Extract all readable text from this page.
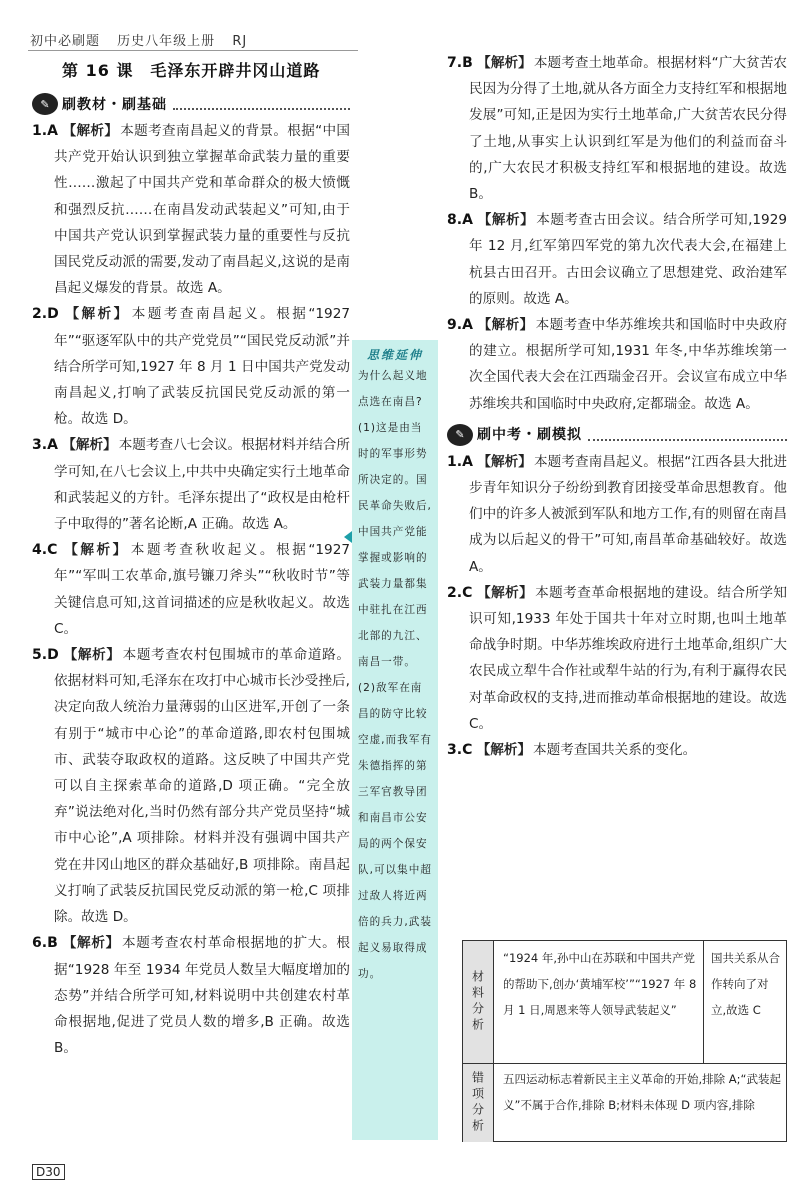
初中必刷题 历史八年级上册 RJ
第 16 课　毛泽东开辟井冈山道路
✎ 刷教材・刷基础

1.A 【解析】 本题考查南昌起义的背景。根据“中国共产党开始认识到独立掌握革命武装力量的重要性……激起了中国共产党和革命群众的极大愤慨和强烈反抗……在南昌发动武装起义”可知,由于中国共产党认识到掌握武装力量的重要性与反抗国民党反动派的需要,发动了南昌起义,这说的是南昌起义爆发的背景。故选 A。

2.D 【解析】 本题考查南昌起义。根据“1927年”“驱逐军队中的共产党党员”“国民党反动派”并结合所学可知,1927 年 8 月 1 日中国共产党发动南昌起义,打响了武装反抗国民党反动派的第一枪。故选 D。

3.A 【解析】 本题考查八七会议。根据材料并结合所学可知,在八七会议上,中共中央确定实行土地革命和武装起义的方针。毛泽东提出了“政权是由枪杆子中取得的”著名论断,A 正确。故选 A。

4.C 【解析】 本题考查秋收起义。根据“1927年”“军叫工农革命,旗号镰刀斧头”“秋收时节”等关键信息可知,这首词描述的应是秋收起义。故选 C。

5.D 【解析】 本题考查农村包围城市的革命道路。依据材料可知,毛泽东在攻打中心城市长沙受挫后,决定向敌人统治力量薄弱的山区进军,开创了一条有别于“城市中心论”的革命道路,即农村包围城市、武装夺取政权的道路。这反映了中国共产党可以自主探索革命的道路,D 项正确。“完全放弃”说法绝对化,当时仍然有部分共产党员坚持“城市中心论”,A 项排除。材料并没有强调中国共产党在井冈山地区的群众基础好,B 项排除。南昌起义打响了武装反抗国民党反动派的第一枪,C 项排除。故选 D。

6.B 【解析】 本题考查农村革命根据地的扩大。根据“1928 年至 1934 年党员人数呈大幅度增加的态势”并结合所学可知,材料说明中共创建农村革命根据地,促进了党员人数的增多,B 正确。故选 B。

思维延伸
为什么起义地点选在南昌?(1)这是由当时的军事形势所决定的。国民革命失败后,中国共产党能掌握或影响的武装力量都集中驻扎在江西北部的九江、南昌一带。(2)敌军在南昌的防守比较空虚,而我军有朱德指挥的第三军官教导团和南昌市公安局的两个保安队,可以集中超过敌人将近两倍的兵力,武装起义易取得成功。

7.B 【解析】 本题考查土地革命。根据材料“广大贫苦农民因为分得了土地,就从各方面全力支持红军和根据地发展”可知,正是因为实行土地革命,广大贫苦农民分得了土地,从事实上认识到红军是为他们的利益而奋斗的,广大农民才积极支持红军和根据地的建设。故选 B。

8.A 【解析】 本题考查古田会议。结合所学可知,1929 年 12 月,红军第四军党的第九次代表大会,在福建上杭县古田召开。古田会议确立了思想建党、政治建军的原则。故选 A。

9.A 【解析】 本题考查中华苏维埃共和国临时中央政府的建立。根据所学可知,1931 年冬,中华苏维埃第一次全国代表大会在江西瑞金召开。会议宣布成立中华苏维埃共和国临时中央政府,定都瑞金。故选 A。

✎ 刷中考・刷模拟

1.A 【解析】 本题考查南昌起义。根据“江西各县大批进步青年知识分子纷纷到教育团接受革命思想教育。他们中的许多人被派到军队和地方工作,有的则留在南昌成为以后起义的骨干”可知,南昌革命基础较好。故选 A。

2.C 【解析】 本题考查革命根据地的建设。结合所学知识可知,1933 年处于国共十年对立时期,也叫土地革命战争时期。中华苏维埃政府进行土地革命,组织广大农民成立犁牛合作社或犁牛站的行为,有利于赢得农民对革命政权的支持,进而推动革命根据地的建设。故选 C。

3.C 【解析】 本题考查国共关系的变化。

材料分析
“1924 年,孙中山在苏联和中国共产党的帮助下,创办‘黄埔军校’”“1927 年 8 月 1 日,周恩来等人领导武装起义”
国共关系从合作转向了对立,故选 C
错项分析	五四运动标志着新民主主义革命的开始,排除 A;“武装起义”不属于合作,排除 B;材料未体现 D 项内容,排除
D30
